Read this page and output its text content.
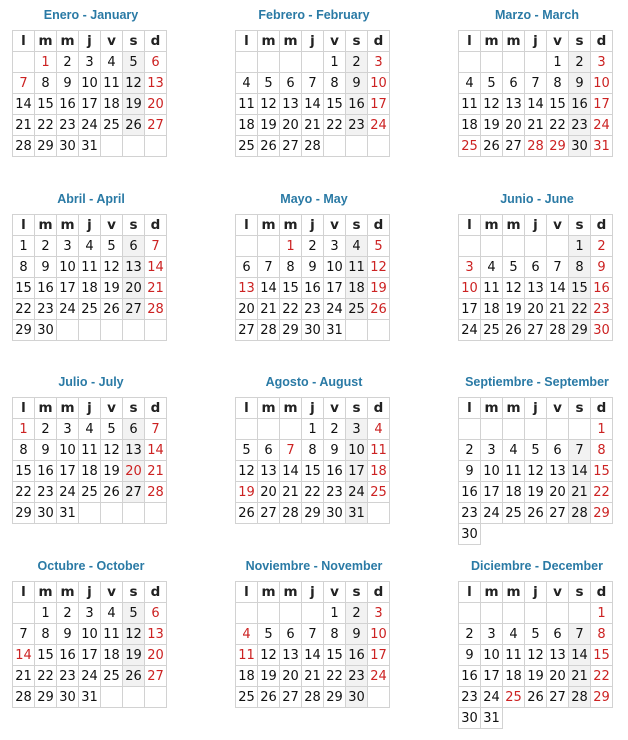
Enero - January
l	m	m	j	v	s	d
	1	2	3	4	5	6
7	8	9	10	11	12	13
14	15	16	17	18	19	20
21	22	23	24	25	26	27
28	29	30	31			
Febrero - February
l	m	m	j	v	s	d
				1	2	3
4	5	6	7	8	9	10
11	12	13	14	15	16	17
18	19	20	21	22	23	24
25	26	27	28			
Marzo - March
l	m	m	j	v	s	d
				1	2	3
4	5	6	7	8	9	10
11	12	13	14	15	16	17
18	19	20	21	22	23	24
25	26	27	28	29	30	31
Abril - April
l	m	m	j	v	s	d
1	2	3	4	5	6	7
8	9	10	11	12	13	14
15	16	17	18	19	20	21
22	23	24	25	26	27	28
29	30					
Mayo - May
l	m	m	j	v	s	d
		1	2	3	4	5
6	7	8	9	10	11	12
13	14	15	16	17	18	19
20	21	22	23	24	25	26
27	28	29	30	31		
Junio - June
l	m	m	j	v	s	d
					1	2
3	4	5	6	7	8	9
10	11	12	13	14	15	16
17	18	19	20	21	22	23
24	25	26	27	28	29	30
Julio - July
l	m	m	j	v	s	d
1	2	3	4	5	6	7
8	9	10	11	12	13	14
15	16	17	18	19	20	21
22	23	24	25	26	27	28
29	30	31				
Agosto - August
l	m	m	j	v	s	d
			1	2	3	4
5	6	7	8	9	10	11
12	13	14	15	16	17	18
19	20	21	22	23	24	25
26	27	28	29	30	31	
Septiembre - September
l	m	m	j	v	s	d
						1
2	3	4	5	6	7	8
9	10	11	12	13	14	15
16	17	18	19	20	21	22
23	24	25	26	27	28	29
30						
Octubre - October
l	m	m	j	v	s	d
	1	2	3	4	5	6
7	8	9	10	11	12	13
14	15	16	17	18	19	20
21	22	23	24	25	26	27
28	29	30	31			
Noviembre - November
l	m	m	j	v	s	d
				1	2	3
4	5	6	7	8	9	10
11	12	13	14	15	16	17
18	19	20	21	22	23	24
25	26	27	28	29	30	
Diciembre - December
l	m	m	j	v	s	d
						1
2	3	4	5	6	7	8
9	10	11	12	13	14	15
16	17	18	19	20	21	22
23	24	25	26	27	28	29
30	31					
